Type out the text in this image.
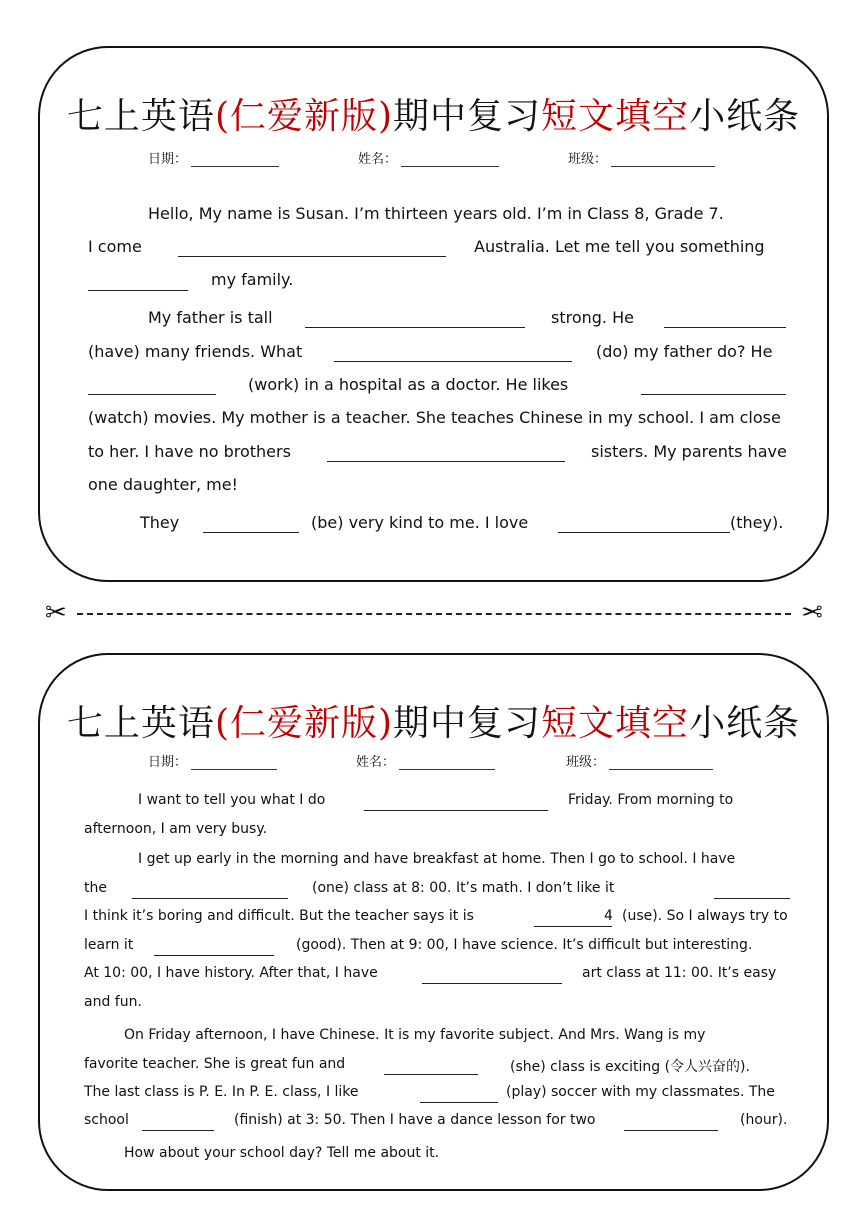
七上英语(仁爱新版)期中复习短文填空小纸条
日期：	姓名：	班级：
Hello, My name is Susan. I’m thirteen years old. I’m in Class 8, Grade 7.
I come	Australia. Let me tell you something
my family.
My father is tall	strong. He
(have) many friends. What	(do) my father do? He
(work) in a hospital as a doctor. He likes
(watch) movies. My mother is a teacher. She teaches Chinese in my school. I am close
to her. I have no brothers	sisters. My parents have
one daughter, me!
They	(be) very kind to me. I love	(they).
✂	✂
七上英语(仁爱新版)期中复习短文填空小纸条
日期：	姓名：	班级：
I want to tell you what I do	Friday. From morning to
afternoon, I am very busy.
I get up early in the morning and have breakfast at home. Then I go to school. I have
the	(one) class at 8: 00. It’s math. I don’t like it
I think it’s boring and difficult. But the teacher says it is	4 (use). So I always try to
learn it	(good). Then at 9: 00, I have science. It’s difficult but interesting.
At 10: 00, I have history. After that, I have	art class at 11: 00. It’s easy
and fun.
On Friday afternoon, I have Chinese. It is my favorite subject. And Mrs. Wang is my
favorite teacher. She is great fun and	(she) class is exciting (令人兴奋的).
The last class is P. E. In P. E. class, I like	(play) soccer with my classmates. The
school	(finish) at 3: 50. Then I have a dance lesson for two	(hour).
How about your school day? Tell me about it.
